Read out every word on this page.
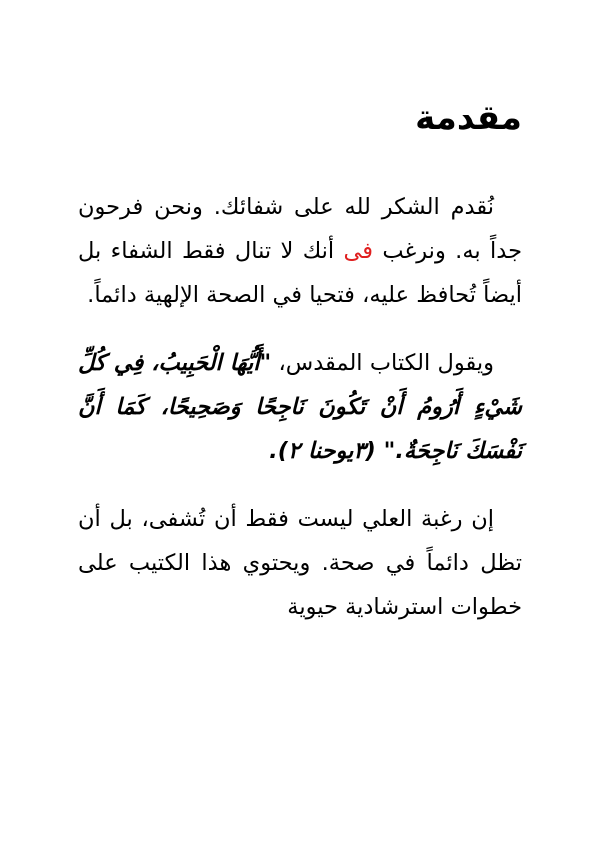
مقدمة

نُقدم الشكر لله على شفائك. ونحن فرحون جداً به. ونرغب فى أنك لا تنال فقط الشفاء بل أيضاً تُحافظ عليه، فتحيا في الصحة الإلهية دائماً.

ويقول الكتاب المقدس، "أَيُّهَا الْحَبِيبُ، فِي كُلِّ شَيْءٍ أَرُومُ أَنْ تَكُونَ نَاجِحًا وَصَحِيحًا، كَمَا أَنَّ نَفْسَكَ نَاجِحَةٌ." (٣يوحنا ٢).

إن رغبة العلي ليست فقط أن تُشفى، بل أن تظل دائماً في صحة. ويحتوي هذا الكتيب على خطوات استرشادية حيوية
